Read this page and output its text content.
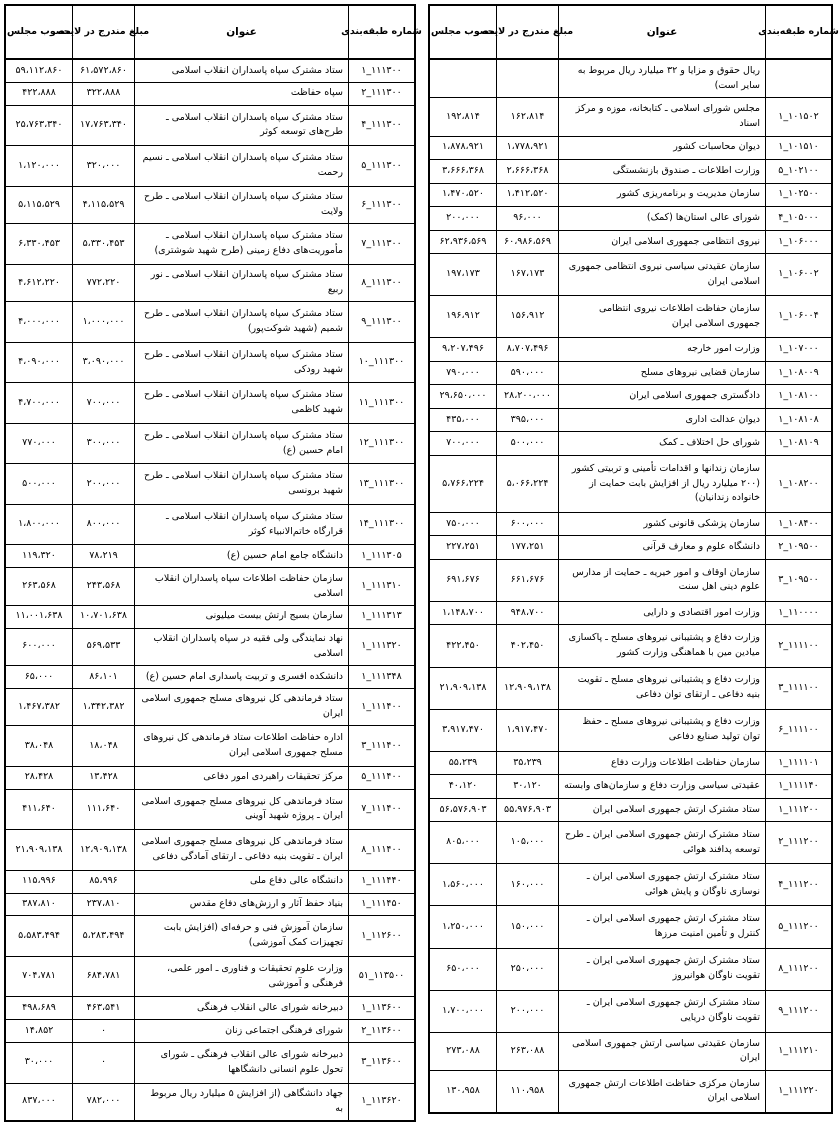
شماره طبقه‌بندی
عنوان
مبلغ مندرج در لایحه
مصوب مجلس
ریال حقوق و مزایا و ۳۲ میلیارد ریال مربوط به سایر است)
۱۰۱۵۰۲_۱
مجلس شورای اسلامی ـ کتابخانه، موزه و مرکز اسناد
۱۶۲،۸۱۴
۱۹۲،۸۱۴
۱۰۱۵۱۰_۱
دیوان محاسبات کشور
۱،۷۷۸،۹۲۱
۱،۸۷۸،۹۲۱
۱۰۲۱۰۰_۵
وزارت اطلاعات ـ صندوق بازنشستگی
۲،۶۶۶،۳۶۸
۳،۶۶۶،۳۶۸
۱۰۲۵۰۰_۱
سازمان مدیریت و برنامه‌ریزی کشور
۱،۴۱۲،۵۲۰
۱،۴۷۰،۵۲۰
۱۰۵۰۰۰_۴
شورای عالی استان‌ها (کمک)
۹۶،۰۰۰
۲۰۰،۰۰۰
۱۰۶۰۰۰_۱
نیروی انتظامی جمهوری اسلامی ایران
۶۰،۹۸۶،۵۶۹
۶۲،۹۳۶،۵۶۹
۱۰۶۰۰۲_۱
سازمان عقیدتی سیاسی نیروی انتظامی جمهوری اسلامی ایران
۱۶۷،۱۷۳
۱۹۷،۱۷۳
۱۰۶۰۰۴_۱
سازمان حفاظت اطلاعات نیروی انتظامی جمهوری اسلامی ایران
۱۵۶،۹۱۲
۱۹۶،۹۱۲
۱۰۷۰۰۰_۱
وزارت امور خارجه
۸،۷۰۷،۴۹۶
۹،۲۰۷،۴۹۶
۱۰۸۰۰۹_۱
سازمان قضایی نیروهای مسلح
۵۹۰،۰۰۰
۷۹۰،۰۰۰
۱۰۸۱۰۰_۱
دادگستری جمهوری اسلامی ایران
۲۸،۲۰۰،۰۰۰
۲۹،۶۵۰،۰۰۰
۱۰۸۱۰۸_۱
دیوان عدالت اداری
۳۹۵،۰۰۰
۴۳۵،۰۰۰
۱۰۸۱۰۹_۱
شورای حل اختلاف ـ کمک
۵۰۰،۰۰۰
۷۰۰،۰۰۰
۱۰۸۲۰۰_۱
سازمان زندانها و اقدامات تأمینی و تربیتی کشور (۲۰۰ میلیارد ریال از افزایش بابت حمایت از خانواده زندانیان)
۵،۰۶۶،۲۲۴
۵،۷۶۶،۲۲۴
۱۰۸۴۰۰_۱
سازمان پزشکی قانونی کشور
۶۰۰،۰۰۰
۷۵۰،۰۰۰
۱۰۹۵۰۰_۲
دانشگاه علوم و معارف قرآنی
۱۷۷،۲۵۱
۲۲۷،۲۵۱
۱۰۹۵۰۰_۳
سازمان اوقاف و امور خیریه ـ حمایت از مدارس علوم دینی اهل سنت
۶۶۱،۶۷۶
۶۹۱،۶۷۶
۱۱۰۰۰۰_۱
وزارت امور اقتصادی و دارایی
۹۴۸،۷۰۰
۱،۱۴۸،۷۰۰
۱۱۱۱۰۰_۲
وزارت دفاع و پشتیبانی نیروهای مسلح ـ پاکسازی میادین مین با هماهنگی وزارت کشور
۴۰۲،۴۵۰
۴۲۲،۴۵۰
۱۱۱۱۰۰_۳
وزارت دفاع و پشتیبانی نیروهای مسلح ـ تقویت بنیه دفاعی ـ ارتقای توان دفاعی
۱۲،۹۰۹،۱۳۸
۲۱،۹۰۹،۱۳۸
۱۱۱۱۰۰_۶
وزارت دفاع و پشتیبانی نیروهای مسلح ـ حفظ توان تولید صنایع دفاعی
۱،۹۱۷،۴۷۰
۳،۹۱۷،۴۷۰
۱۱۱۱۰۱_۱
سازمان حفاظت اطلاعات وزارت دفاع
۳۵،۲۳۹
۵۵،۲۳۹
۱۱۱۱۴۰_۱
عقیدتی سیاسی وزارت دفاع و سازمان‌های وابسته
۳۰،۱۲۰
۴۰،۱۲۰
۱۱۱۲۰۰_۱
ستاد مشترک ارتش جمهوری اسلامی ایران
۵۵،۹۷۶،۹۰۳
۵۶،۵۷۶،۹۰۳
۱۱۱۲۰۰_۲
ستاد مشترک ارتش جمهوری اسلامی ایران ـ طرح توسعه پدافند هوائی
۱۰۵،۰۰۰
۸۰۵،۰۰۰
۱۱۱۲۰۰_۴
ستاد مشترک ارتش جمهوری اسلامی ایران ـ نوسازی ناوگان و پایش هوائی
۱۶۰،۰۰۰
۱،۵۶۰،۰۰۰
۱۱۱۲۰۰_۵
ستاد مشترک ارتش جمهوری اسلامی ایران ـ کنترل و تأمین امنیت مرزها
۱۵۰،۰۰۰
۱،۲۵۰،۰۰۰
۱۱۱۲۰۰_۸
ستاد مشترک ارتش جمهوری اسلامی ایران ـ تقویت ناوگان هوانیروز
۲۵۰،۰۰۰
۶۵۰،۰۰۰
۱۱۱۲۰۰_۹
ستاد مشترک ارتش جمهوری اسلامی ایران ـ تقویت ناوگان دریایی
۲۰۰،۰۰۰
۱،۷۰۰،۰۰۰
۱۱۱۲۱۰_۱
سازمان عقیدتی سیاسی ارتش جمهوری اسلامی ایران
۲۶۳،۰۸۸
۲۷۳،۰۸۸
۱۱۱۲۲۰_۱
سازمان مرکزی حفاظت اطلاعات ارتش جمهوری اسلامی ایران
۱۱۰،۹۵۸
۱۳۰،۹۵۸
شماره طبقه‌بندی
عنوان
مبلغ مندرج در لایحه
مصوب مجلس
۱۱۱۳۰۰_۱
ستاد مشترک سپاه پاسداران انقلاب اسلامی
۶۱،۵۷۲،۸۶۰
۵۹،۱۱۲،۸۶۰
۱۱۱۳۰۰_۲
سپاه حفاظت
۳۲۲،۸۸۸
۴۲۲،۸۸۸
۱۱۱۳۰۰_۴
ستاد مشترک سپاه پاسداران انقلاب اسلامی ـ طرح‌های توسعه کوثر
۱۷،۷۶۳،۳۴۰
۲۵،۷۶۳،۳۴۰
۱۱۱۳۰۰_۵
ستاد مشترک سپاه پاسداران انقلاب اسلامی ـ نسیم رحمت
۳۲۰،۰۰۰
۱،۱۲۰،۰۰۰
۱۱۱۳۰۰_۶
ستاد مشترک سپاه پاسداران انقلاب اسلامی ـ طرح ولایت
۴،۱۱۵،۵۲۹
۵،۱۱۵،۵۲۹
۱۱۱۳۰۰_۷
ستاد مشترک سپاه پاسداران انقلاب اسلامی ـ مأموریت‌های دفاع زمینی (طرح شهید شوشتری)
۵،۳۳۰،۴۵۳
۶،۳۳۰،۴۵۳
۱۱۱۳۰۰_۸
ستاد مشترک سپاه پاسداران انقلاب اسلامی ـ نور ربیع
۷۷۲،۲۲۰
۴،۶۱۲،۲۲۰
۱۱۱۳۰۰_۹
ستاد مشترک سپاه پاسداران انقلاب اسلامی ـ طرح شمیم (شهید شوکت‌پور)
۱،۰۰۰،۰۰۰
۴،۰۰۰،۰۰۰
۱۱۱۳۰۰_۱۰
ستاد مشترک سپاه پاسداران انقلاب اسلامی ـ طرح شهید رودکی
۳،۰۹۰،۰۰۰
۴،۰۹۰،۰۰۰
۱۱۱۳۰۰_۱۱
ستاد مشترک سپاه پاسداران انقلاب اسلامی ـ طرح شهید کاظمی
۷۰۰،۰۰۰
۴،۷۰۰،۰۰۰
۱۱۱۳۰۰_۱۲
ستاد مشترک سپاه پاسداران انقلاب اسلامی ـ طرح امام حسین (ع)
۳۰۰،۰۰۰
۷۷۰،۰۰۰
۱۱۱۳۰۰_۱۳
ستاد مشترک سپاه پاسداران انقلاب اسلامی ـ طرح شهید برونسی
۲۰۰،۰۰۰
۵۰۰،۰۰۰
۱۱۱۳۰۰_۱۴
ستاد مشترک سپاه پاسداران انقلاب اسلامی ـ قرارگاه خاتم‌الانبیاء کوثر
۸۰۰،۰۰۰
۱،۸۰۰،۰۰۰
۱۱۱۳۰۵_۱
دانشگاه جامع امام حسین (ع)
۷۸،۲۱۹
۱۱۹،۳۲۰
۱۱۱۳۱۰_۱
سازمان حفاظت اطلاعات سپاه پاسداران انقلاب اسلامی
۲۴۳،۵۶۸
۲۶۳،۵۶۸
۱۱۱۳۱۳_۱
سازمان بسیج ارتش بیست میلیونی
۱۰،۷۰۱،۶۳۸
۱۱،۰۰۱،۶۳۸
۱۱۱۳۲۰_۱
نهاد نمایندگی ولی فقیه در سپاه پاسداران انقلاب اسلامی
۵۶۹،۵۳۳
۶۰۰،۰۰۰
۱۱۱۳۴۸_۱
دانشکده افسری و تربیت پاسداری امام حسین (ع)
۸۶،۱۰۱
۶۵،۰۰۰
۱۱۱۴۰۰_۱
ستاد فرماندهی کل نیروهای مسلح جمهوری اسلامی ایران
۱،۳۴۲،۳۸۲
۱،۴۶۷،۳۸۲
۱۱۱۴۰۰_۳
اداره حفاظت اطلاعات ستاد فرماندهی کل نیروهای مسلح جمهوری اسلامی ایران
۱۸،۰۴۸
۳۸،۰۴۸
۱۱۱۴۰۰_۵
مرکز تحقیقات راهبردی امور دفاعی
۱۳،۴۲۸
۲۸،۴۲۸
۱۱۱۴۰۰_۷
ستاد فرماندهی کل نیروهای مسلح جمهوری اسلامی ایران ـ پروژه شهید آوینی
۱۱۱،۶۴۰
۴۱۱،۶۴۰
۱۱۱۴۰۰_۸
ستاد فرماندهی کل نیروهای مسلح جمهوری اسلامی ایران ـ تقویت بنیه دفاعی ـ ارتقای آمادگی دفاعی
۱۲،۹۰۹،۱۳۸
۲۱،۹۰۹،۱۳۸
۱۱۱۴۴۰_۱
دانشگاه عالی دفاع ملی
۸۵،۹۹۶
۱۱۵،۹۹۶
۱۱۱۴۵۰_۱
بنیاد حفظ آثار و ارزش‌های دفاع مقدس
۲۳۷،۸۱۰
۳۸۷،۸۱۰
۱۱۲۶۰۰_۱
سازمان آموزش فنی و حرفه‌ای (افزایش بابت تجهیزات کمک آموزشی)
۵،۲۸۳،۴۹۴
۵،۵۸۳،۴۹۴
۱۱۳۵۰۰_۵۱
وزارت علوم تحقیقات و فناوری ـ امور علمی، فرهنگی و آموزشی
۶۸۴،۷۸۱
۷۰۴،۷۸۱
۱۱۳۶۰۰_۱
دبیرخانه شورای عالی انقلاب فرهنگی
۴۶۳،۵۴۱
۴۹۸،۶۸۹
۱۱۳۶۰۰_۲
شورای فرهنگی اجتماعی زنان
۰
۱۴،۸۵۲
۱۱۳۶۰۰_۳
دبیرخانه شورای عالی انقلاب فرهنگی ـ شورای تحول علوم انسانی دانشگاهها
۰
۳۰،۰۰۰
۱۱۳۶۲۰_۱
جهاد دانشگاهی (از افزایش ۵ میلیارد ریال مربوط به
۷۸۲،۰۰۰
۸۳۷،۰۰۰
